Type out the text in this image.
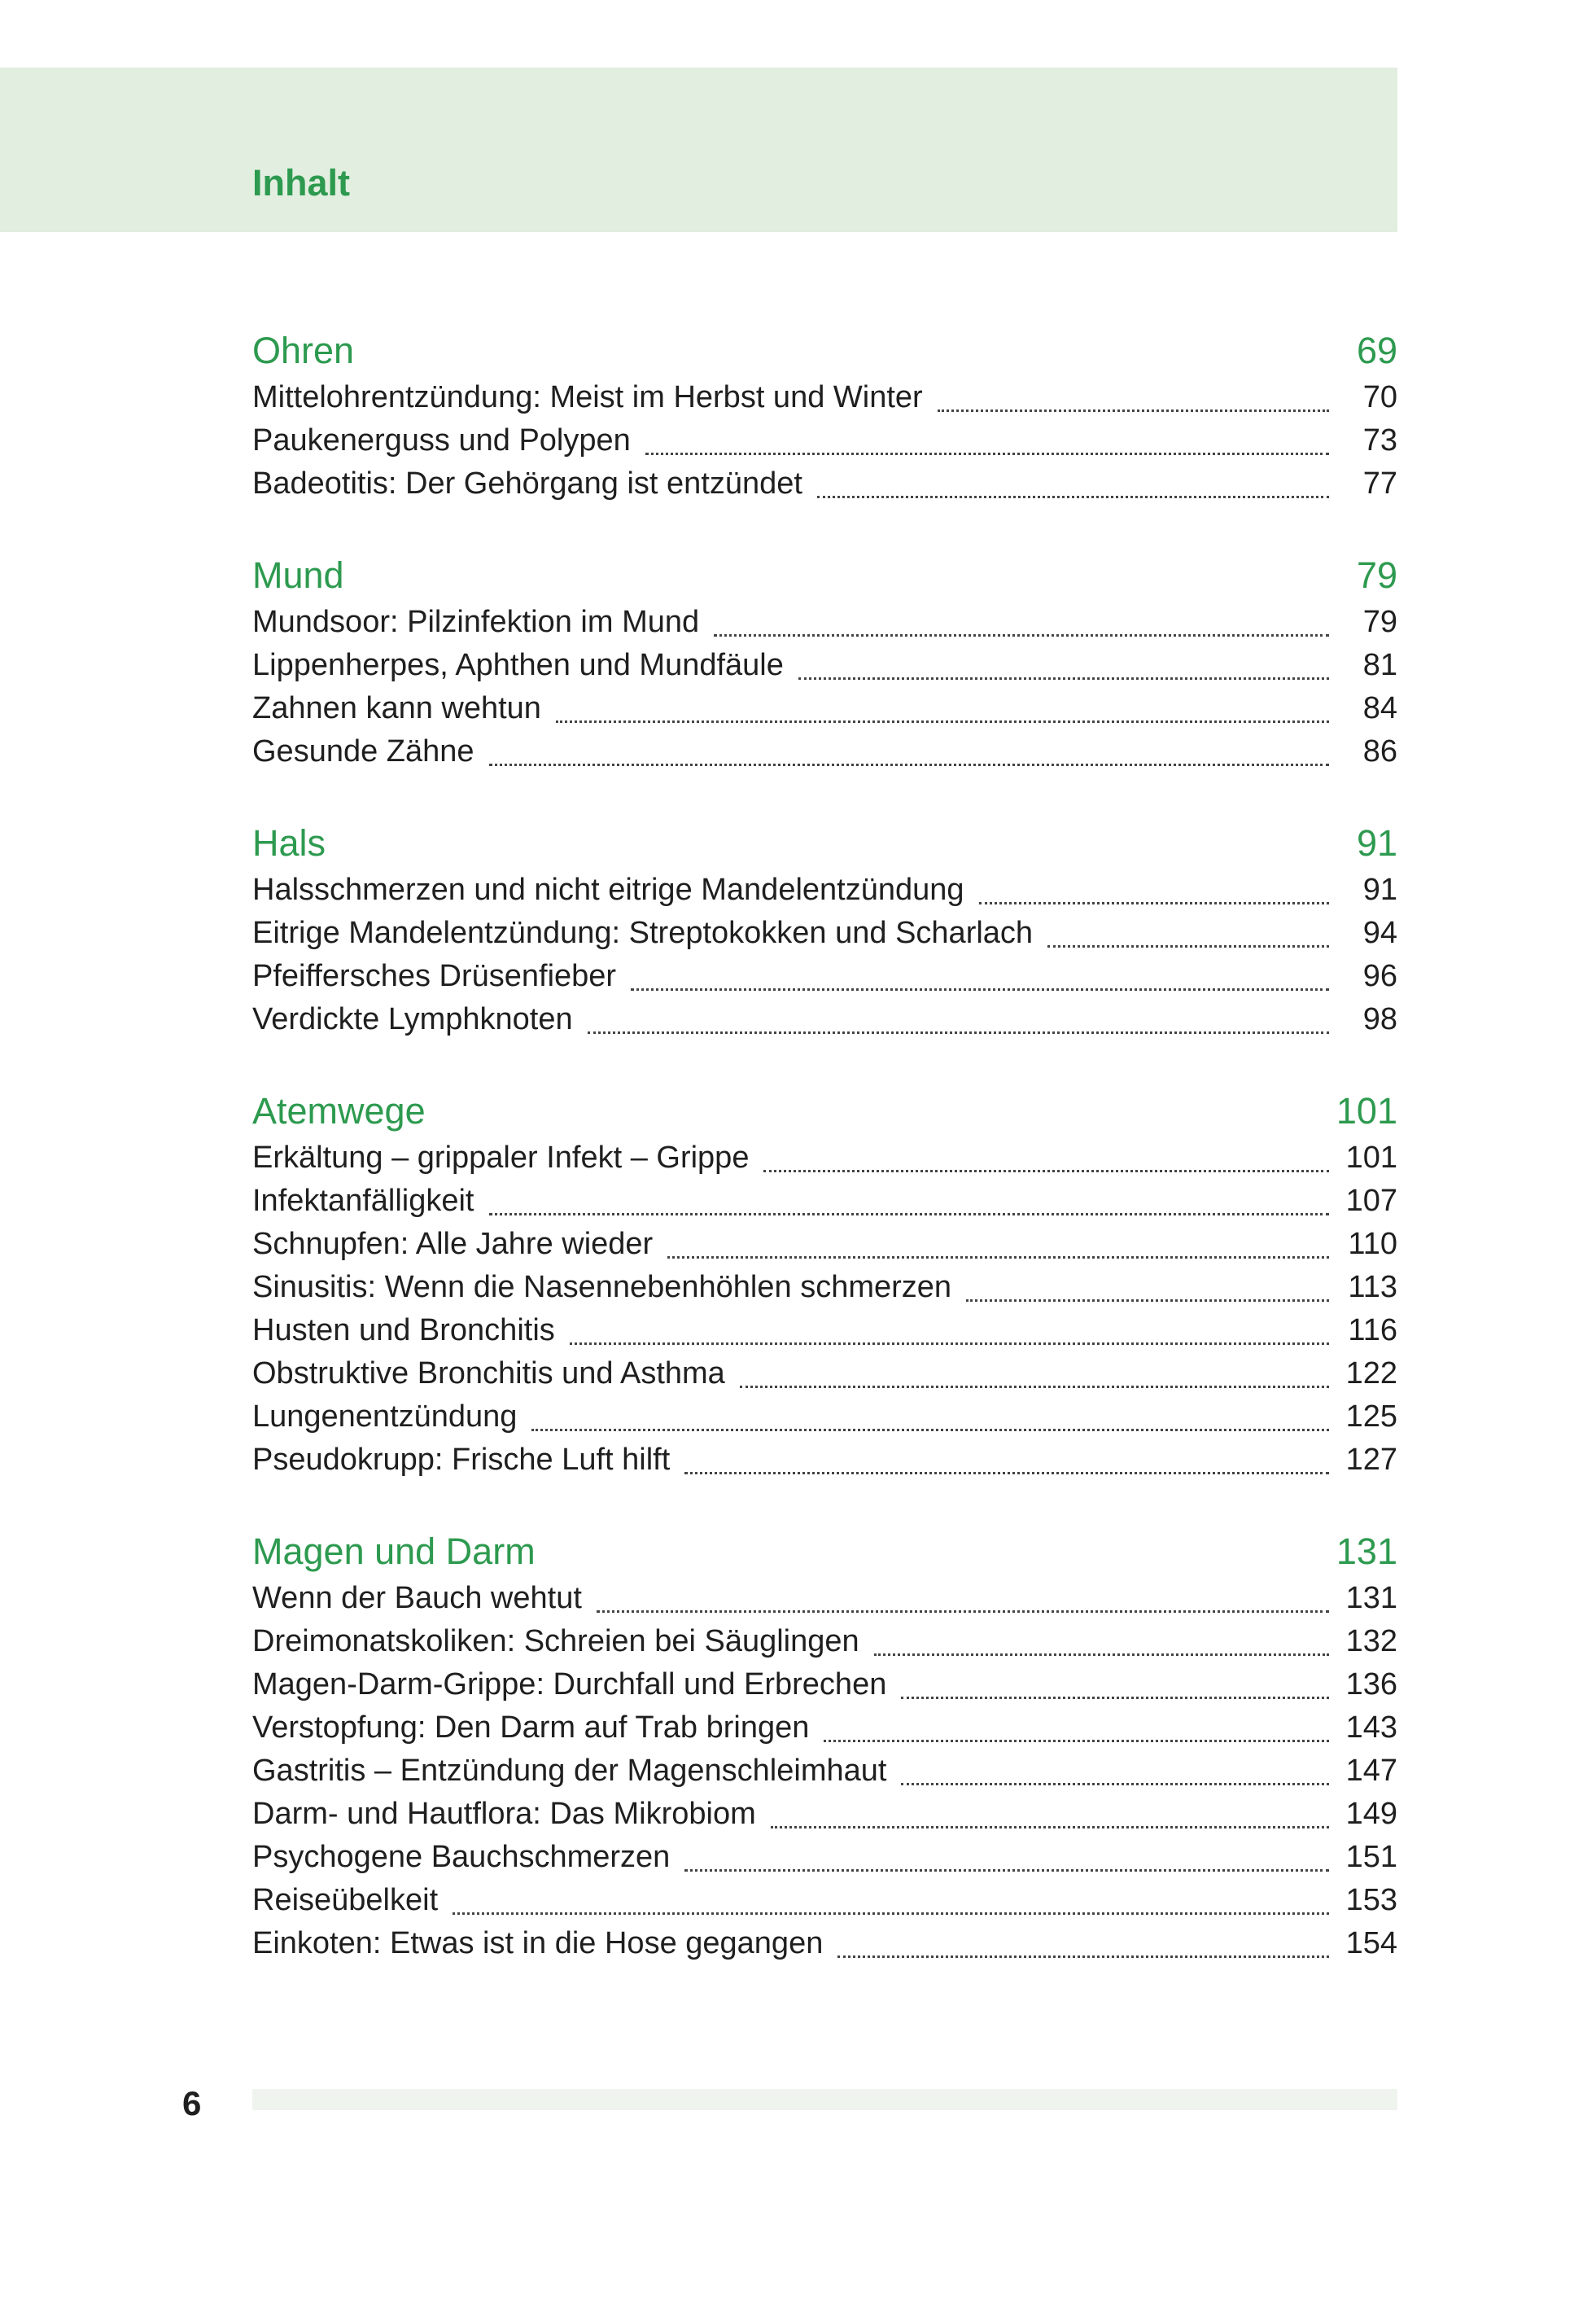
Inhalt
Ohren	69
Mittelohrentzündung: Meist im Herbst und Winter	70
Paukenerguss und Polypen	73
Badeotitis: Der Gehörgang ist entzündet	77
Mund	79
Mundsoor: Pilzinfektion im Mund	79
Lippenherpes, Aphthen und Mundfäule	81
Zahnen kann wehtun	84
Gesunde Zähne	86
Hals	91
Halsschmerzen und nicht eitrige Mandelentzündung	91
Eitrige Mandelentzündung: Streptokokken und Scharlach	94
Pfeiffersches Drüsenfieber	96
Verdickte Lymphknoten	98
Atemwege	101
Erkältung – grippaler Infekt – Grippe	101
Infektanfälligkeit	107
Schnupfen: Alle Jahre wieder	110
Sinusitis: Wenn die Nasennebenhöhlen schmerzen	113
Husten und Bronchitis	116
Obstruktive Bronchitis und Asthma	122
Lungenentzündung	125
Pseudokrupp: Frische Luft hilft	127
Magen und Darm	131
Wenn der Bauch wehtut	131
Dreimonatskoliken: Schreien bei Säuglingen	132
Magen-Darm-Grippe: Durchfall und Erbrechen	136
Verstopfung: Den Darm auf Trab bringen	143
Gastritis – Entzündung der Magenschleimhaut	147
Darm- und Hautflora: Das Mikrobiom	149
Psychogene Bauchschmerzen	151
Reiseübelkeit	153
Einkoten: Etwas ist in die Hose gegangen	154
6
